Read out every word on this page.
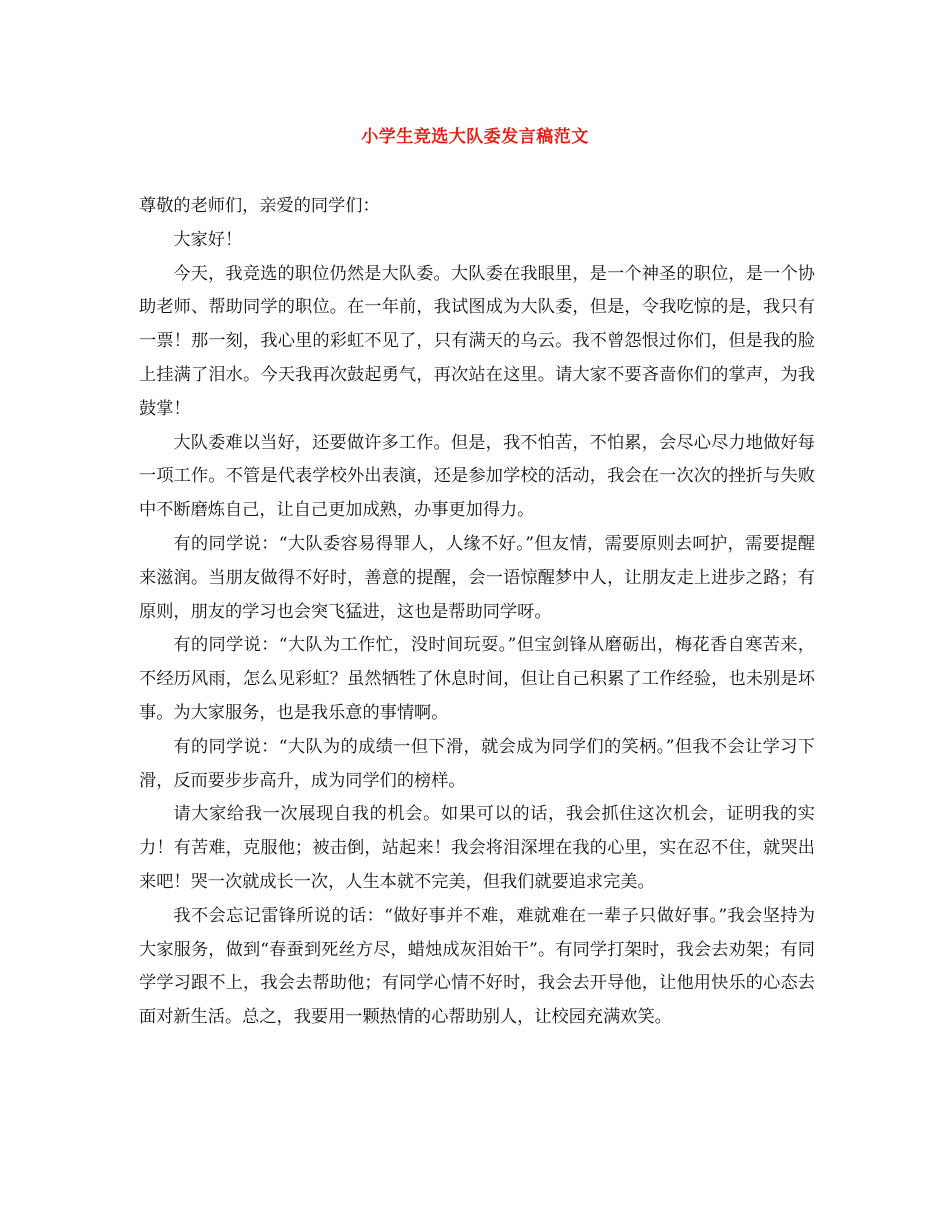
小学生竞选大队委发言稿范文

尊敬的老师们，亲爱的同学们：

大家好！

今天，我竞选的职位仍然是大队委。大队委在我眼里，是一个神圣的职位，是一个协助老师、帮助同学的职位。在一年前，我试图成为大队委，但是，令我吃惊的是，我只有一票！那一刻，我心里的彩虹不见了，只有满天的乌云。我不曾怨恨过你们，但是我的脸上挂满了泪水。今天我再次鼓起勇气，再次站在这里。请大家不要吝啬你们的掌声，为我鼓掌！

大队委难以当好，还要做许多工作。但是，我不怕苦，不怕累，会尽心尽力地做好每一项工作。不管是代表学校外出表演，还是参加学校的活动，我会在一次次的挫折与失败中不断磨炼自己，让自己更加成熟，办事更加得力。

有的同学说：“大队委容易得罪人，人缘不好。”但友情，需要原则去呵护，需要提醒来滋润。当朋友做得不好时，善意的提醒，会一语惊醒梦中人，让朋友走上进步之路；有原则，朋友的学习也会突飞猛进，这也是帮助同学呀。

有的同学说：“大队为工作忙，没时间玩耍。”但宝剑锋从磨砺出，梅花香自寒苦来，不经历风雨，怎么见彩虹？虽然牺牲了休息时间，但让自己积累了工作经验，也未别是坏事。为大家服务，也是我乐意的事情啊。

有的同学说：“大队为的成绩一但下滑，就会成为同学们的笑柄。”但我不会让学习下滑，反而要步步高升，成为同学们的榜样。

请大家给我一次展现自我的机会。如果可以的话，我会抓住这次机会，证明我的实力！有苦难，克服他；被击倒，站起来！我会将泪深埋在我的心里，实在忍不住，就哭出来吧！哭一次就成长一次，人生本就不完美，但我们就要追求完美。

我不会忘记雷锋所说的话：“做好事并不难，难就难在一辈子只做好事。”我会坚持为大家服务，做到“春蚕到死丝方尽，蜡烛成灰泪始干”。有同学打架时，我会去劝架；有同学学习跟不上，我会去帮助他；有同学心情不好时，我会去开导他，让他用快乐的心态去面对新生活。总之，我要用一颗热情的心帮助别人，让校园充满欢笑。
